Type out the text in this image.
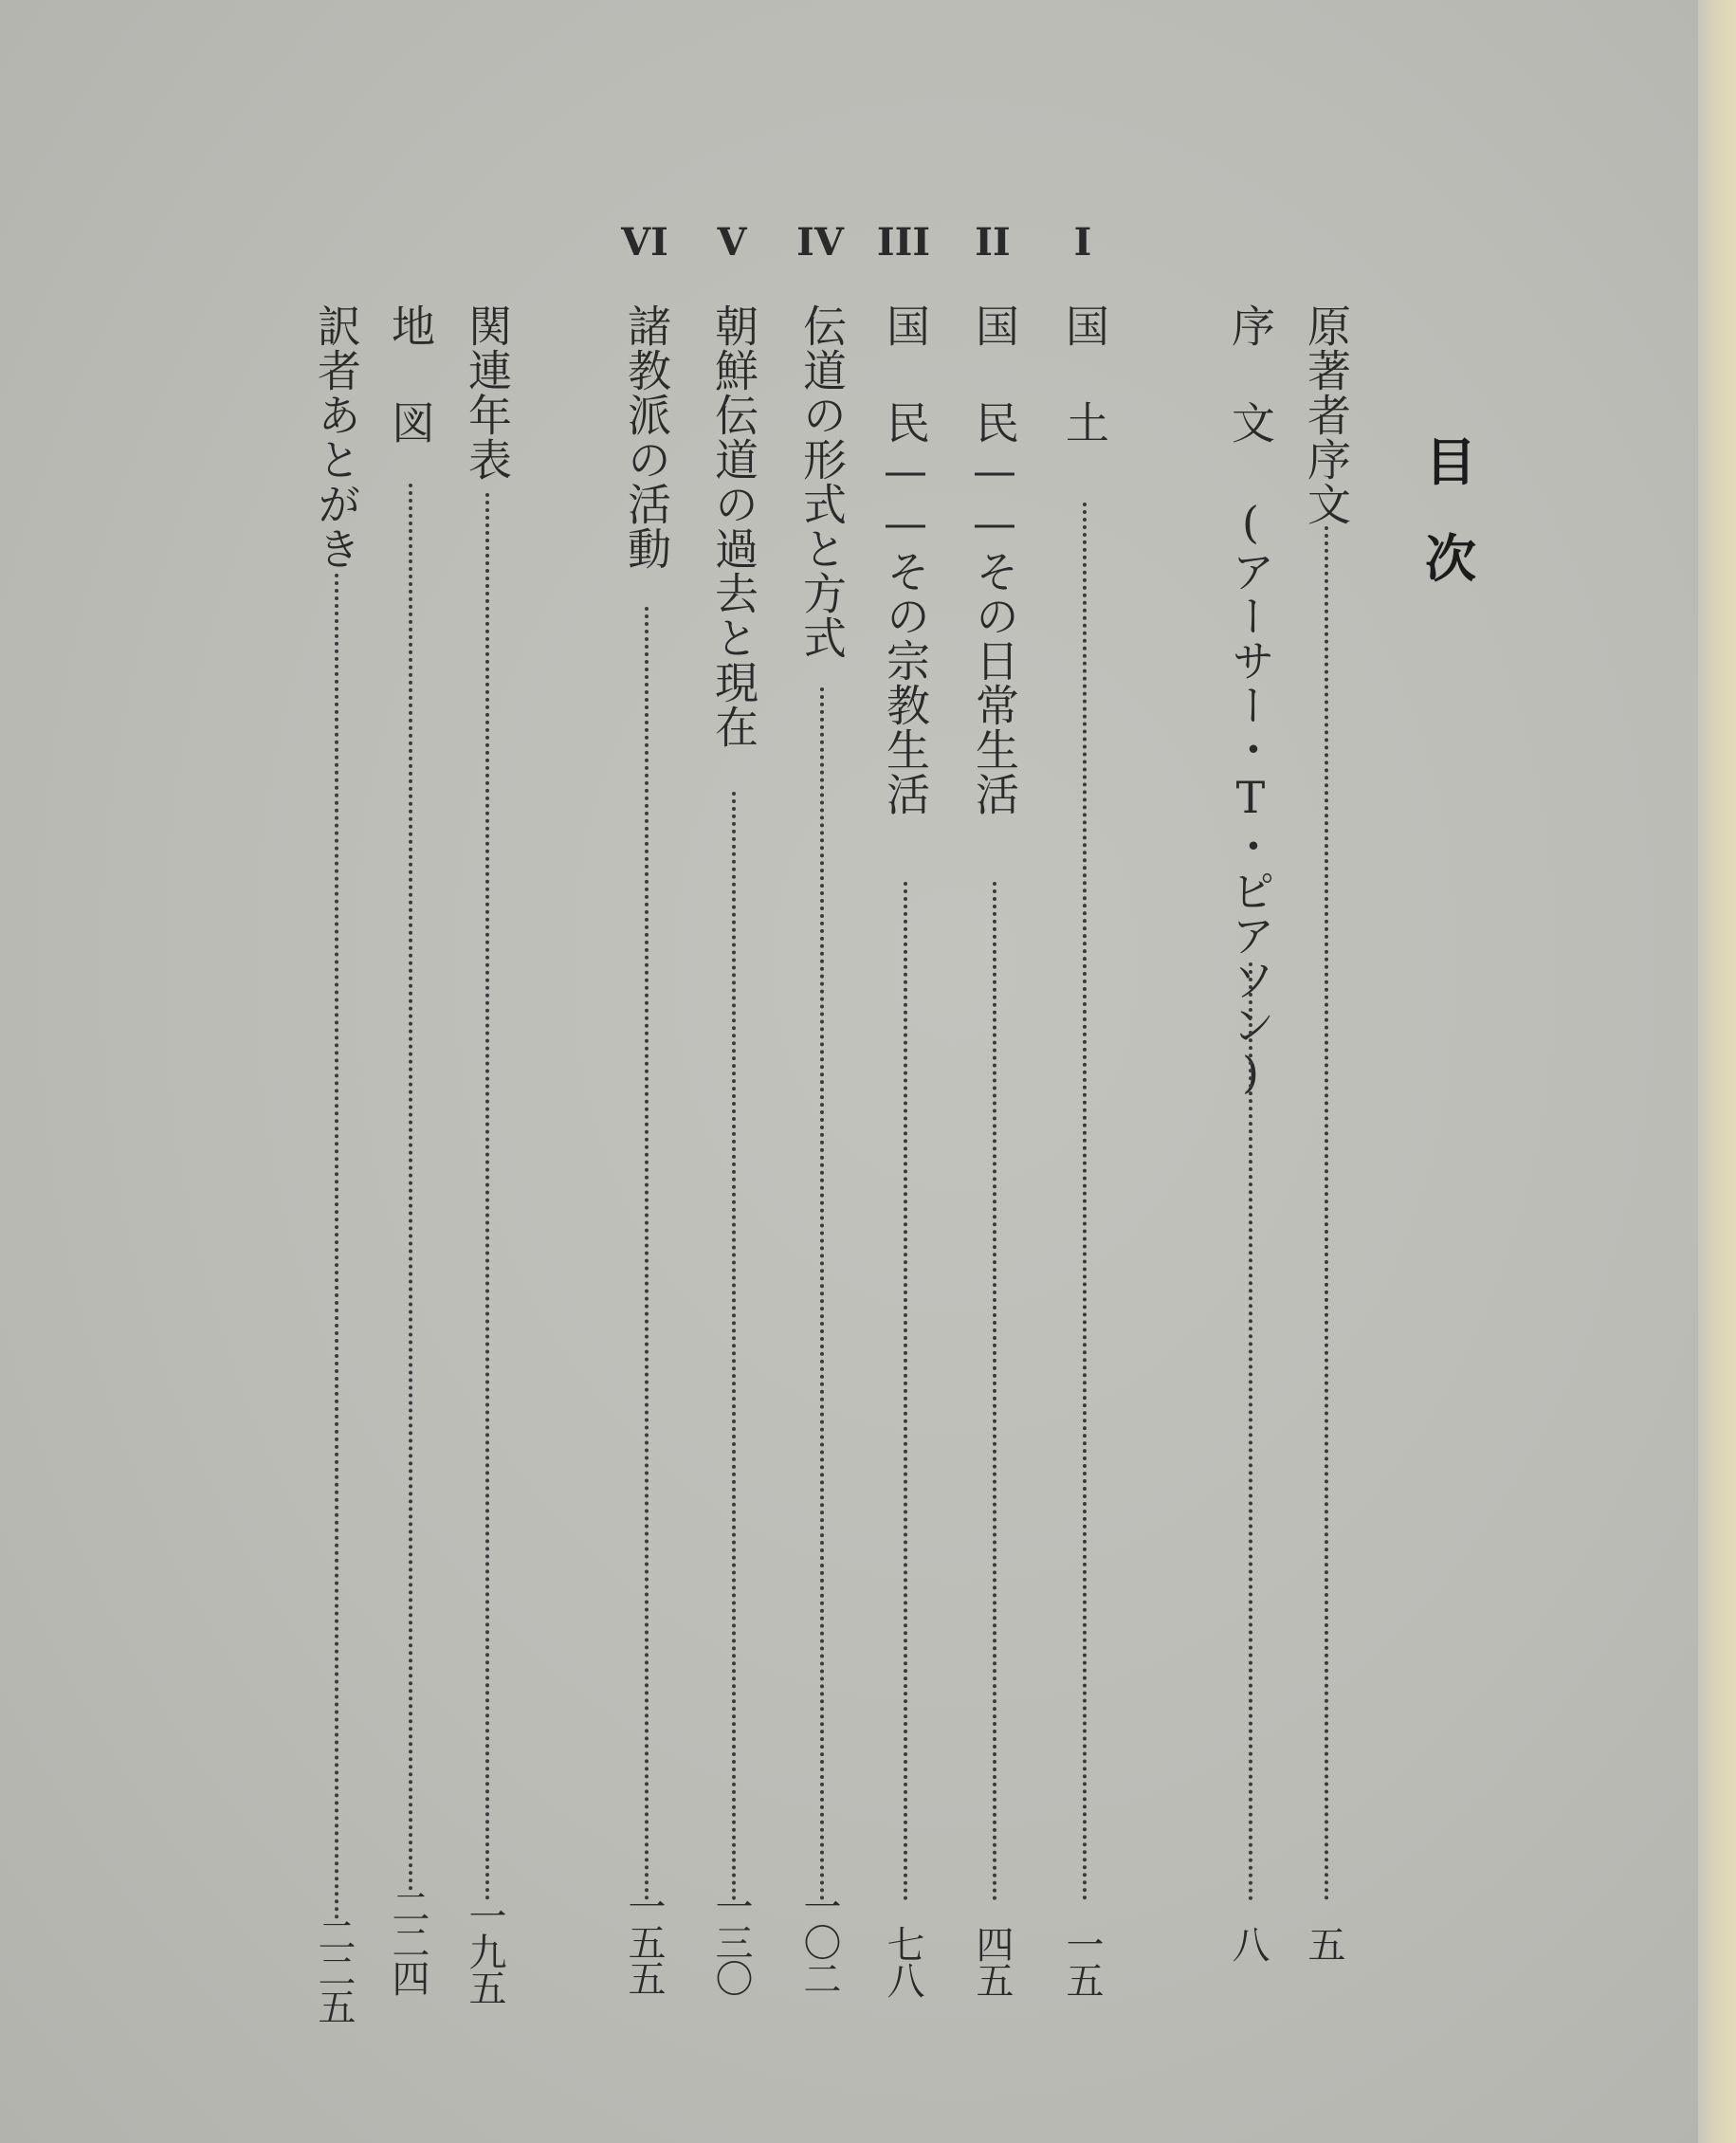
目
次
原著者序文
五
序 文 (アーサー・T・ピアソン)
八
I
国 土
一五
II
国 民——その日常生活
四五
III
国 民——その宗教生活
七八
IV
伝道の形式と方式
一〇二
V
朝鮮伝道の過去と現在
一三〇
VI
諸教派の活動
一五五
関連年表
一九五
地 図
二二四
訳者あとがき
二二五
